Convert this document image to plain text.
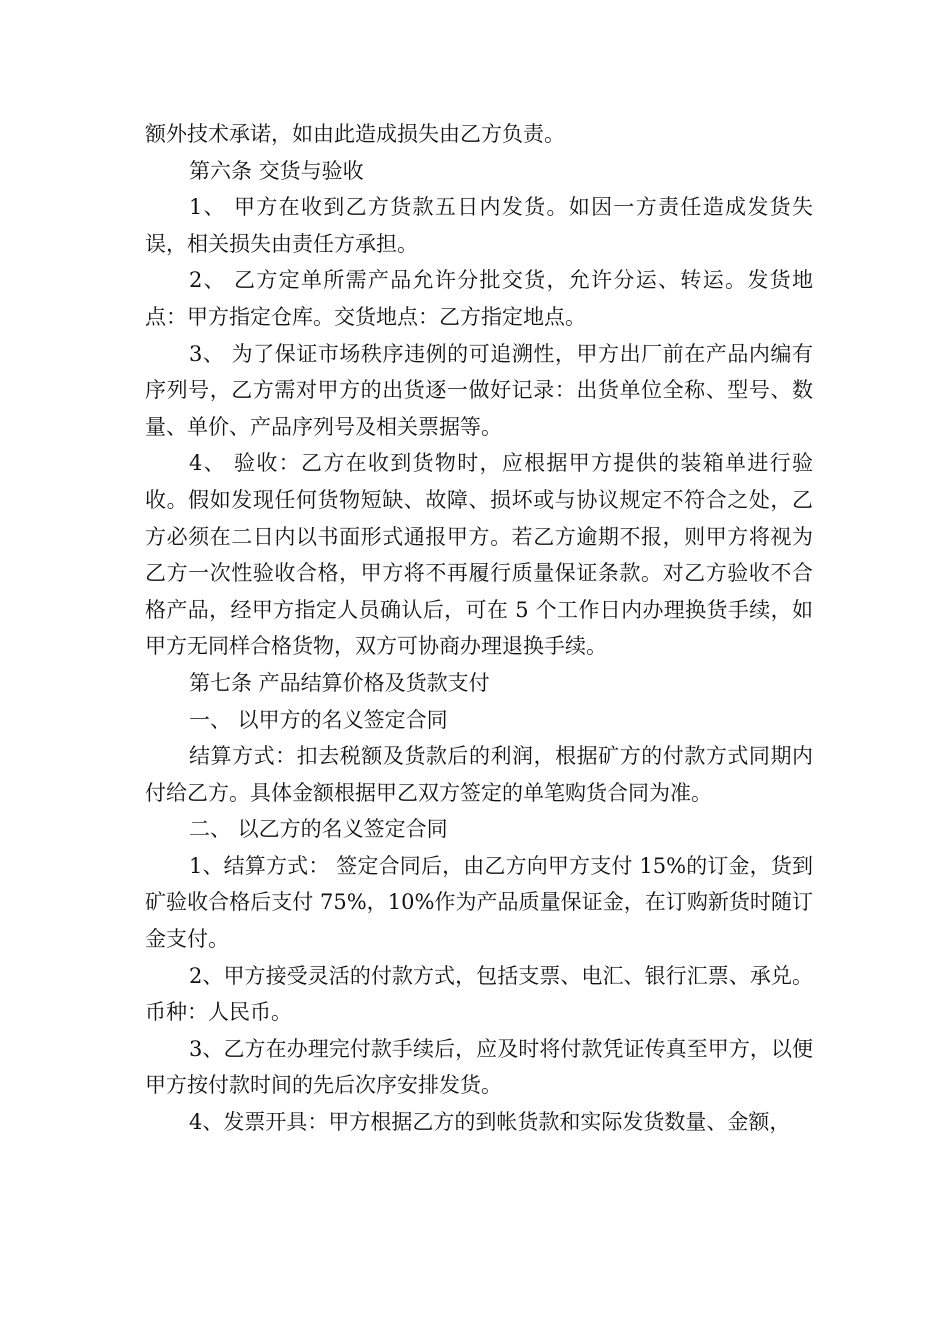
额外技术承诺，如由此造成损失由乙方负责。

第六条 交货与验收

1、 甲方在收到乙方货款五日内发货。如因一方责任造成发货失误，相关损失由责任方承担。

2、 乙方定单所需产品允许分批交货，允许分运、转运。发货地点：甲方指定仓库。交货地点：乙方指定地点。

3、 为了保证市场秩序违例的可追溯性，甲方出厂前在产品内编有序列号，乙方需对甲方的出货逐一做好记录：出货单位全称、型号、数量、单价、产品序列号及相关票据等。

4、 验收：乙方在收到货物时，应根据甲方提供的装箱单进行验收。假如发现任何货物短缺、故障、损坏或与协议规定不符合之处，乙方必须在二日内以书面形式通报甲方。若乙方逾期不报，则甲方将视为乙方一次性验收合格，甲方将不再履行质量保证条款。对乙方验收不合格产品，经甲方指定人员确认后，可在 5 个工作日内办理换货手续，如甲方无同样合格货物，双方可协商办理退换手续。

第七条 产品结算价格及货款支付

一、 以甲方的名义签定合同

结算方式：扣去税额及货款后的利润，根据矿方的付款方式同期内付给乙方。具体金额根据甲乙双方签定的单笔购货合同为准。

二、 以乙方的名义签定合同

1、结算方式： 签定合同后，由乙方向甲方支付 15%的订金，货到矿验收合格后支付 75%，10%作为产品质量保证金，在订购新货时随订金支付。

2、甲方接受灵活的付款方式，包括支票、电汇、银行汇票、承兑。币种：人民币。

3、乙方在办理完付款手续后，应及时将付款凭证传真至甲方，以便甲方按付款时间的先后次序安排发货。

4、发票开具：甲方根据乙方的到帐货款和实际发货数量、金额，
